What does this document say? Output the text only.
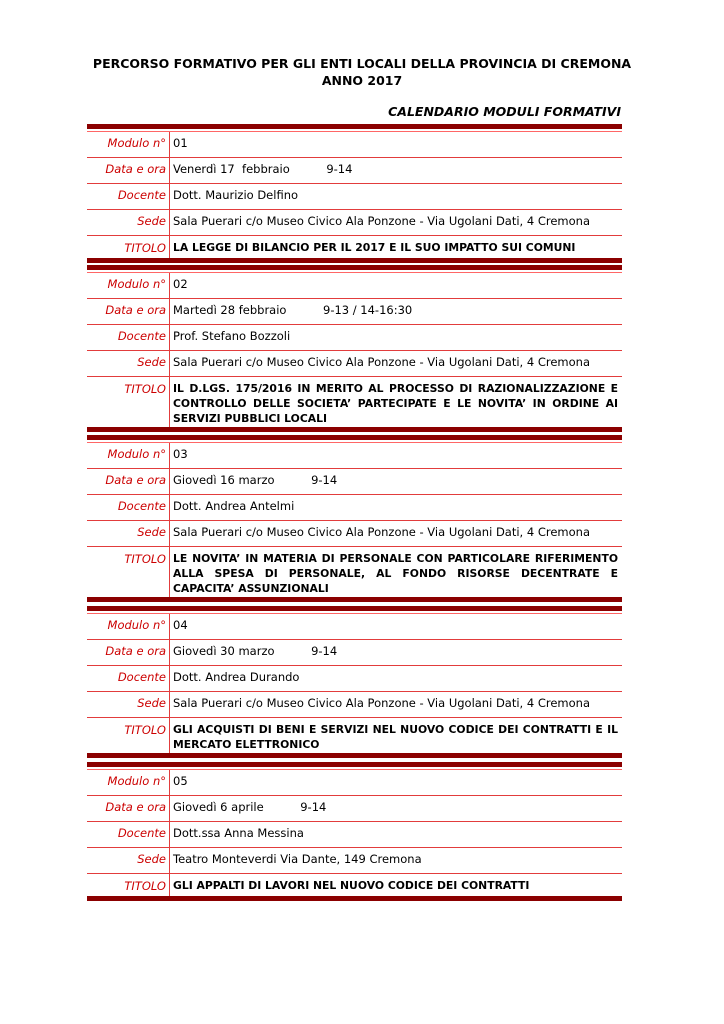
PERCORSO FORMATIVO PER GLI ENTI LOCALI DELLA PROVINCIA DI CREMONA
ANNO 2017
CALENDARIO MODULI FORMATIVI
Modulo n°	01
Data e ora	Venerdì 17  febbraio          9-14
Docente	Dott. Maurizio Delfino
Sede	Sala Puerari c/o Museo Civico Ala Ponzone - Via Ugolani Dati, 4 Cremona
TITOLO	LA LEGGE DI BILANCIO PER IL 2017 E IL SUO IMPATTO SUI COMUNI
Modulo n°	02
Data e ora	Martedì 28 febbraio          9-13 / 14-16:30
Docente	Prof. Stefano Bozzoli
Sede	Sala Puerari c/o Museo Civico Ala Ponzone - Via Ugolani Dati, 4 Cremona
TITOLO	IL D.LGS. 175/2016 IN MERITO AL PROCESSO DI RAZIONALIZZAZIONE E CONTROLLO DELLE SOCIETA’ PARTECIPATE E LE NOVITA’ IN ORDINE AI SERVIZI PUBBLICI LOCALI
Modulo n°	03
Data e ora	Giovedì 16 marzo          9-14
Docente	Dott. Andrea Antelmi
Sede	Sala Puerari c/o Museo Civico Ala Ponzone - Via Ugolani Dati, 4 Cremona
TITOLO	LE NOVITA’ IN MATERIA DI PERSONALE CON PARTICOLARE RIFERIMENTO ALLA SPESA DI PERSONALE, AL FONDO RISORSE DECENTRATE E CAPACITA’ ASSUNZIONALI
Modulo n°	04
Data e ora	Giovedì 30 marzo          9-14
Docente	Dott. Andrea Durando
Sede	Sala Puerari c/o Museo Civico Ala Ponzone - Via Ugolani Dati, 4 Cremona
TITOLO	GLI ACQUISTI DI BENI E SERVIZI NEL NUOVO CODICE DEI CONTRATTI E IL MERCATO ELETTRONICO
Modulo n°	05
Data e ora	Giovedì 6 aprile          9-14
Docente	Dott.ssa Anna Messina
Sede	Teatro Monteverdi Via Dante, 149 Cremona
TITOLO	GLI APPALTI DI LAVORI NEL NUOVO CODICE DEI CONTRATTI
